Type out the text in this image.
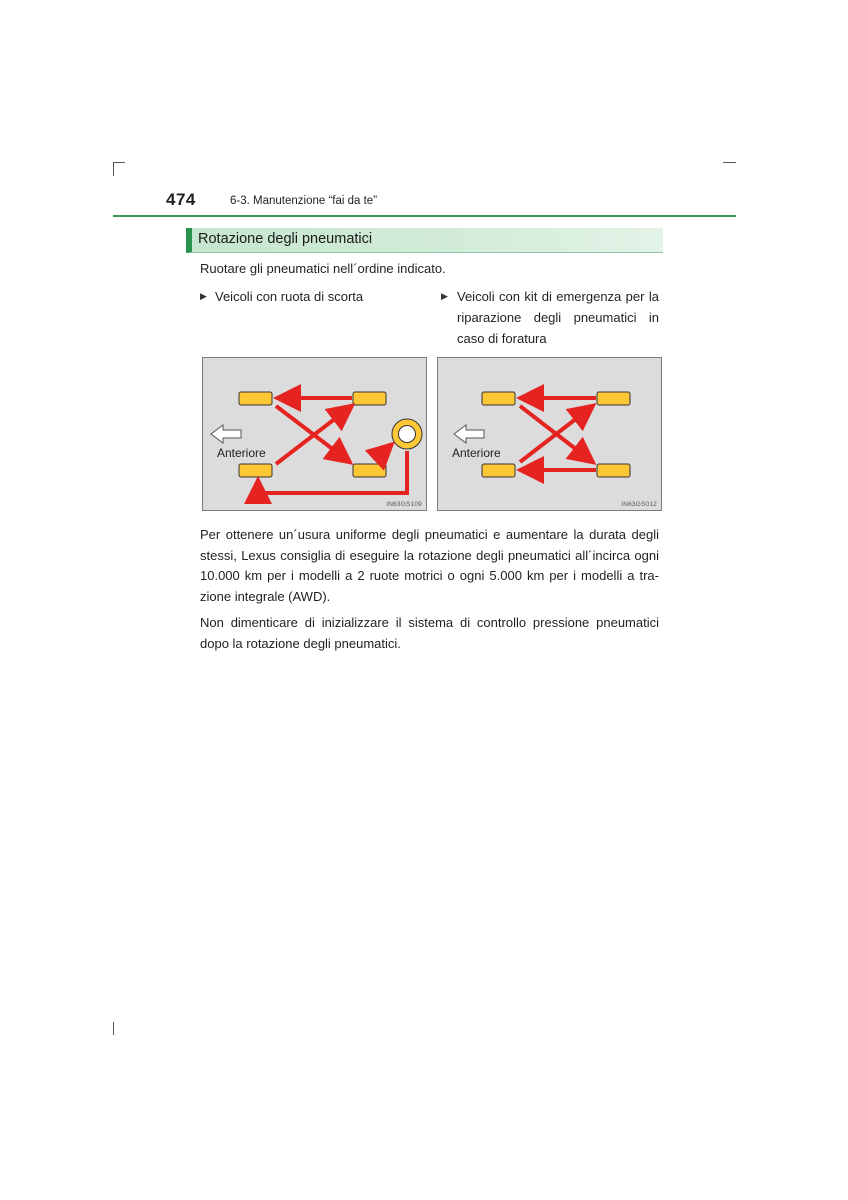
474	6-3. Manutenzione “fai da te”
Rotazione degli pneumatici
Ruotare gli pneumatici nell´ordine indicato.
▶ Veicoli con ruota di scorta	▶ Veicoli con kit di emergenza per la riparazione degli pneumatici in caso di foratura
Anteriore
IN63GS109
Anteriore
IN63GS012
Per ottenere un´usura uniforme degli pneumatici e aumentare la durata degli stessi, Lexus consiglia di eseguire la rotazione degli pneumatici all´incirca ogni 10.000 km per i modelli a 2 ruote motrici o ogni 5.000 km per i modelli a tra-zione integrale (AWD).
Non dimenticare di inizializzare il sistema di controllo pressione pneumatici dopo la rotazione degli pneumatici.
